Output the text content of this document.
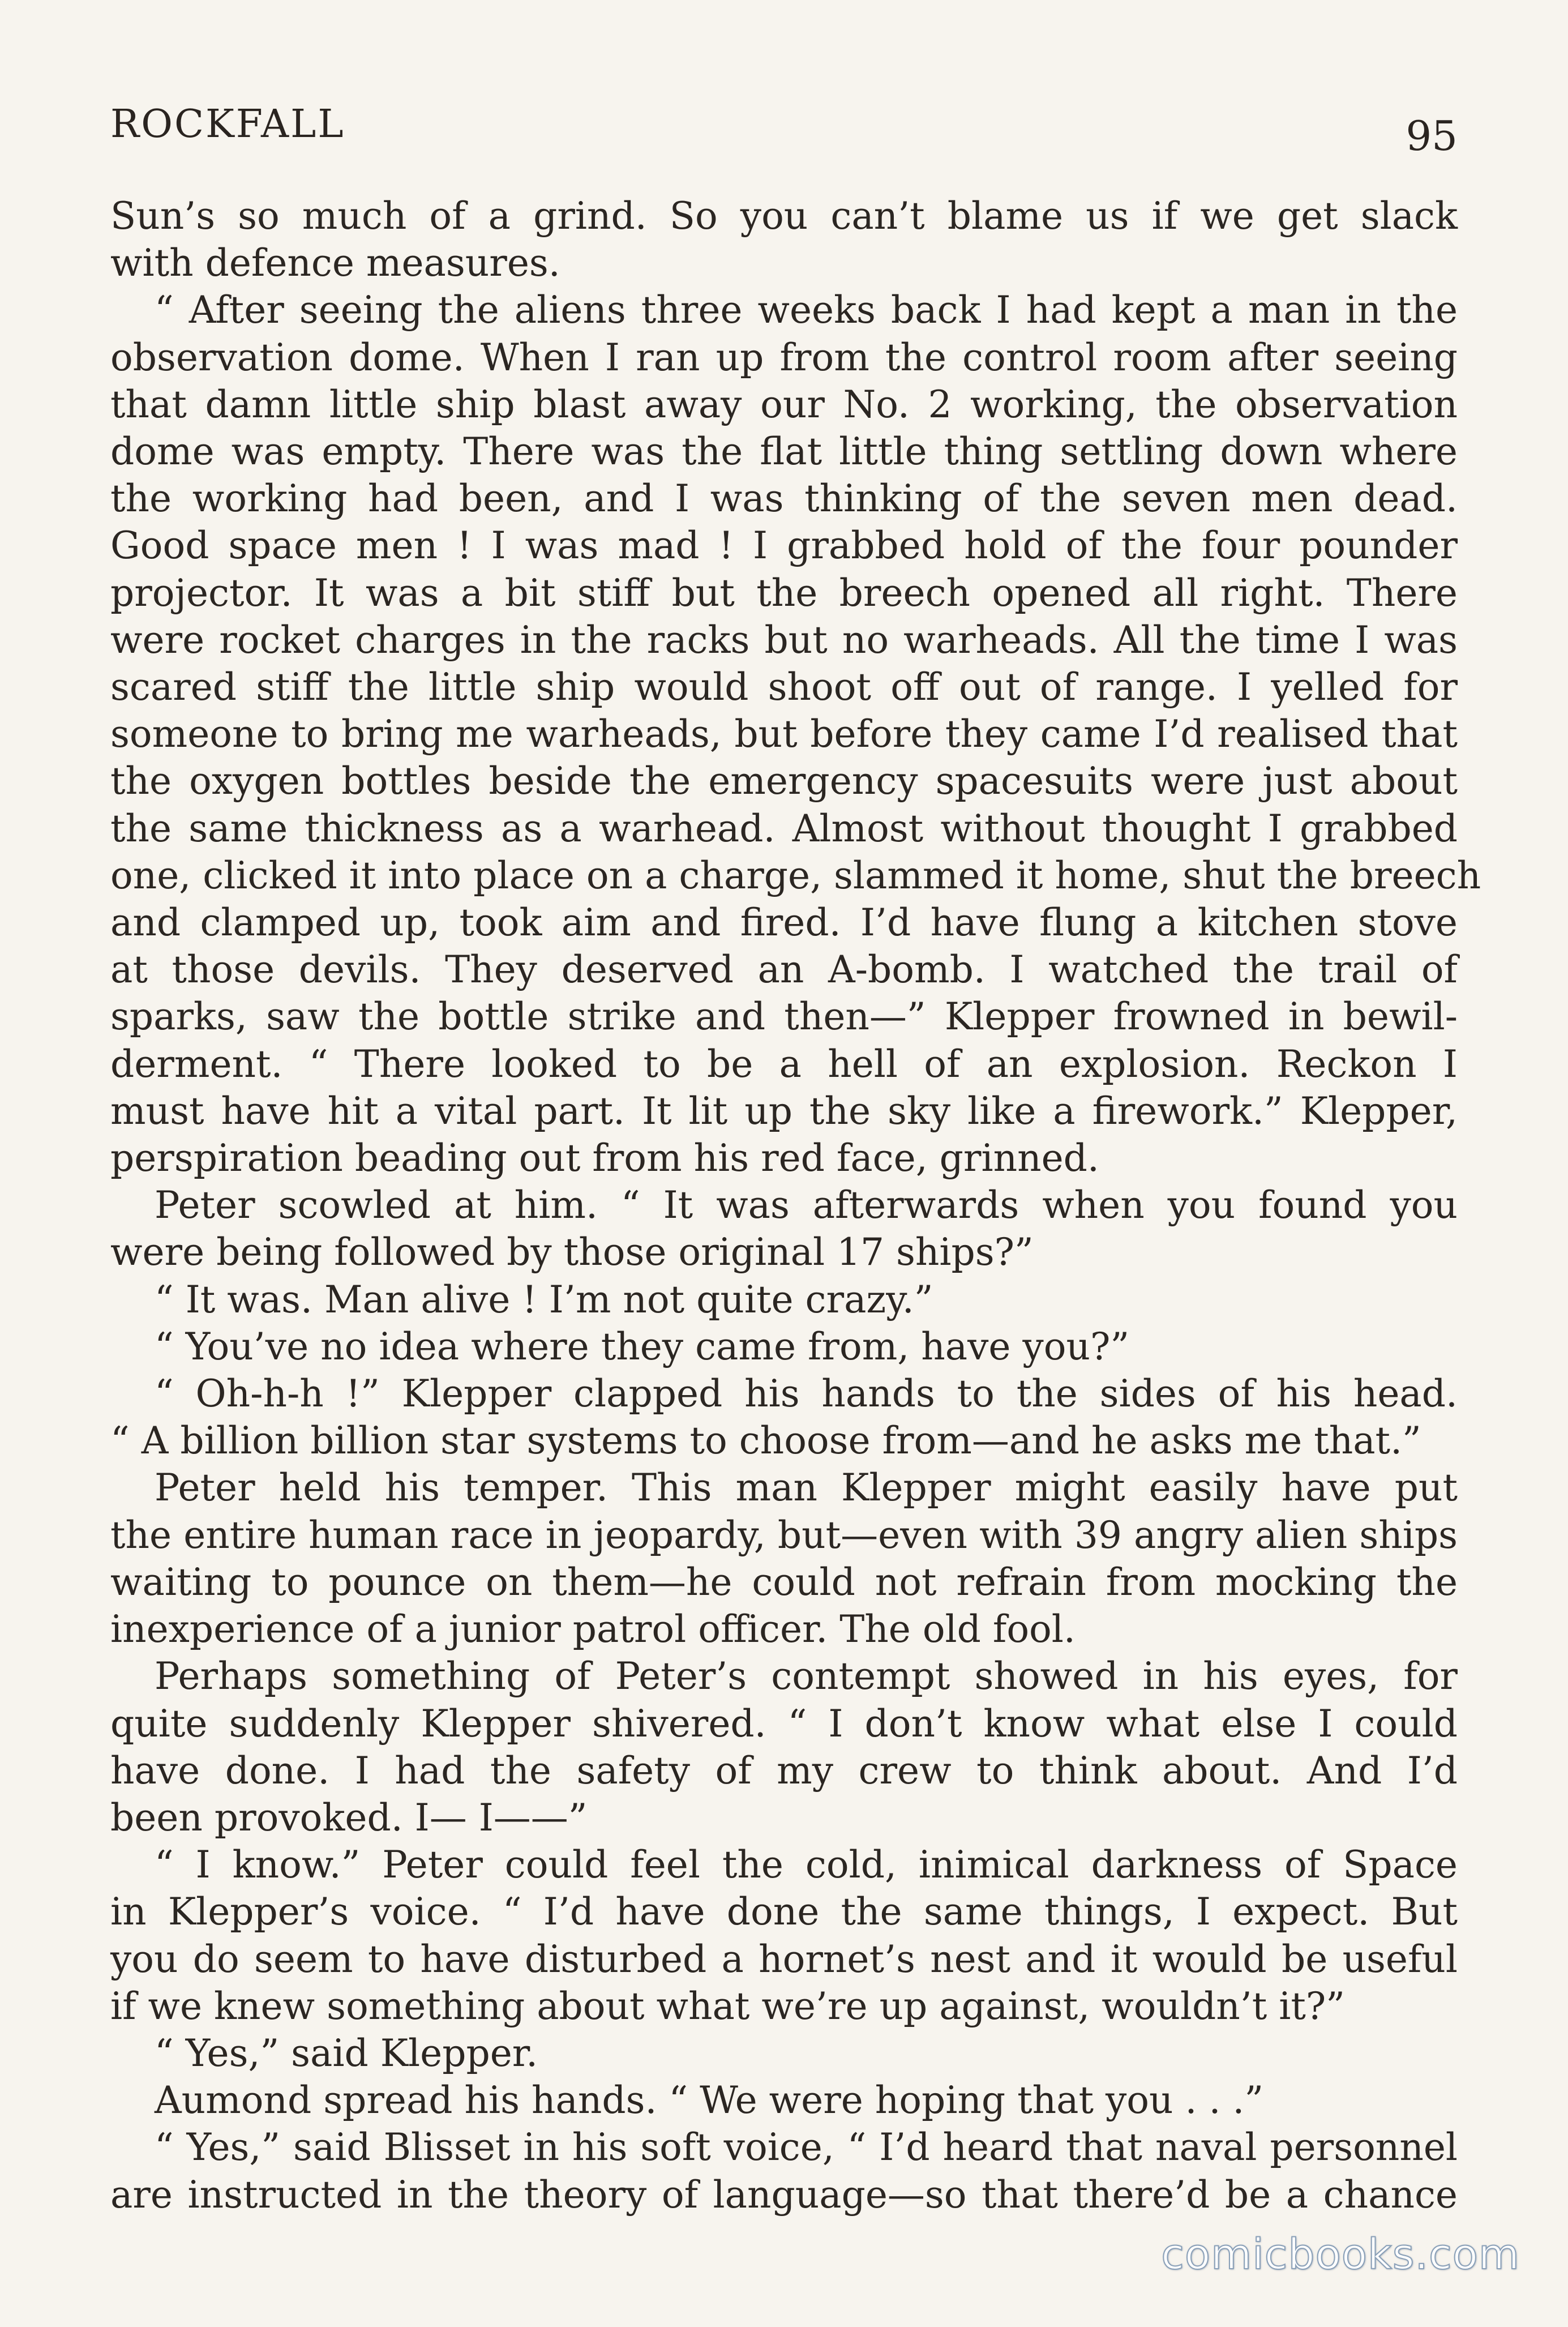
ROCKFALL	95
Sun’s so much of a grind. So you can’t blame us if we get slack
with defence measures.
“ After seeing the aliens three weeks back I had kept a man in the
observation dome. When I ran up from the control room after seeing
that damn little ship blast away our No. 2 working, the observation
dome was empty. There was the flat little thing settling down where
the working had been, and I was thinking of the seven men dead.
Good space men ! I was mad ! I grabbed hold of the four pounder
projector. It was a bit stiff but the breech opened all right. There
were rocket charges in the racks but no warheads. All the time I was
scared stiff the little ship would shoot off out of range. I yelled for
someone to bring me warheads, but before they came I’d realised that
the oxygen bottles beside the emergency spacesuits were just about
the same thickness as a warhead. Almost without thought I grabbed
one, clicked it into place on a charge, slammed it home, shut the breech
and clamped up, took aim and fired. I’d have flung a kitchen stove
at those devils. They deserved an A-bomb. I watched the trail of
sparks, saw the bottle strike and then—” Klepper frowned in bewil-
derment. “ There looked to be a hell of an explosion. Reckon I
must have hit a vital part. It lit up the sky like a firework.” Klepper,
perspiration beading out from his red face, grinned.
Peter scowled at him. “ It was afterwards when you found you
were being followed by those original 17 ships?”
“ It was. Man alive ! I’m not quite crazy.”
“ You’ve no idea where they came from, have you?”
“ Oh-h-h !” Klepper clapped his hands to the sides of his head.
“ A billion billion star systems to choose from—and he asks me that.”
Peter held his temper. This man Klepper might easily have put
the entire human race in jeopardy, but—even with 39 angry alien ships
waiting to pounce on them—he could not refrain from mocking the
inexperience of a junior patrol officer. The old fool.
Perhaps something of Peter’s contempt showed in his eyes, for
quite suddenly Klepper shivered. “ I don’t know what else I could
have done. I had the safety of my crew to think about. And I’d
been provoked. I— I——”
“ I know.” Peter could feel the cold, inimical darkness of Space
in Klepper’s voice. “ I’d have done the same things, I expect. But
you do seem to have disturbed a hornet’s nest and it would be useful
if we knew something about what we’re up against, wouldn’t it?”
“ Yes,” said Klepper.
Aumond spread his hands. “ We were hoping that you . . .”
“ Yes,” said Blisset in his soft voice, “ I’d heard that naval personnel
are instructed in the theory of language—so that there’d be a chance
comicbooks.com
